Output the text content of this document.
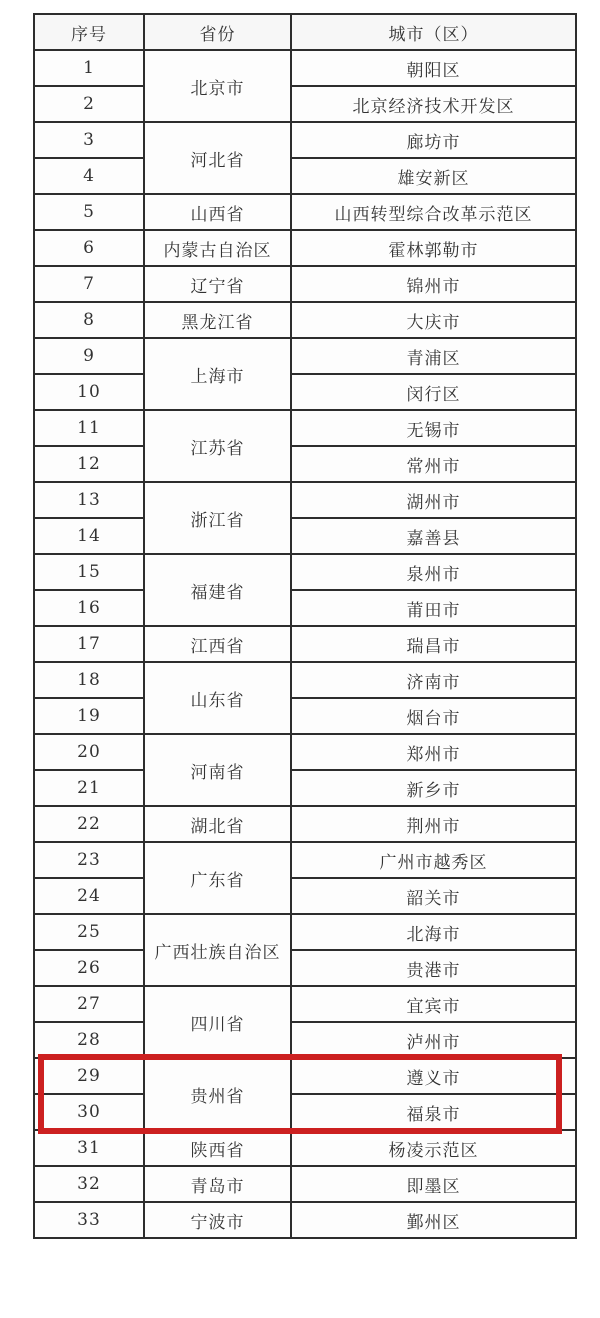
序号	省份	城市（区）
1	北京市	朝阳区
2		北京经济技术开发区
3	河北省	廊坊市
4		雄安新区
5	山西省	山西转型综合改革示范区
6	内蒙古自治区	霍林郭勒市
7	辽宁省	锦州市
8	黑龙江省	大庆市
9	上海市	青浦区
10		闵行区
11	江苏省	无锡市
12		常州市
13	浙江省	湖州市
14		嘉善县
15	福建省	泉州市
16		莆田市
17	江西省	瑞昌市
18	山东省	济南市
19		烟台市
20	河南省	郑州市
21		新乡市
22	湖北省	荆州市
23	广东省	广州市越秀区
24		韶关市
25	广西壮族自治区	北海市
26		贵港市
27	四川省	宜宾市
28		泸州市
29	贵州省	遵义市
30		福泉市
31	陕西省	杨凌示范区
32	青岛市	即墨区
33	宁波市	鄞州区
